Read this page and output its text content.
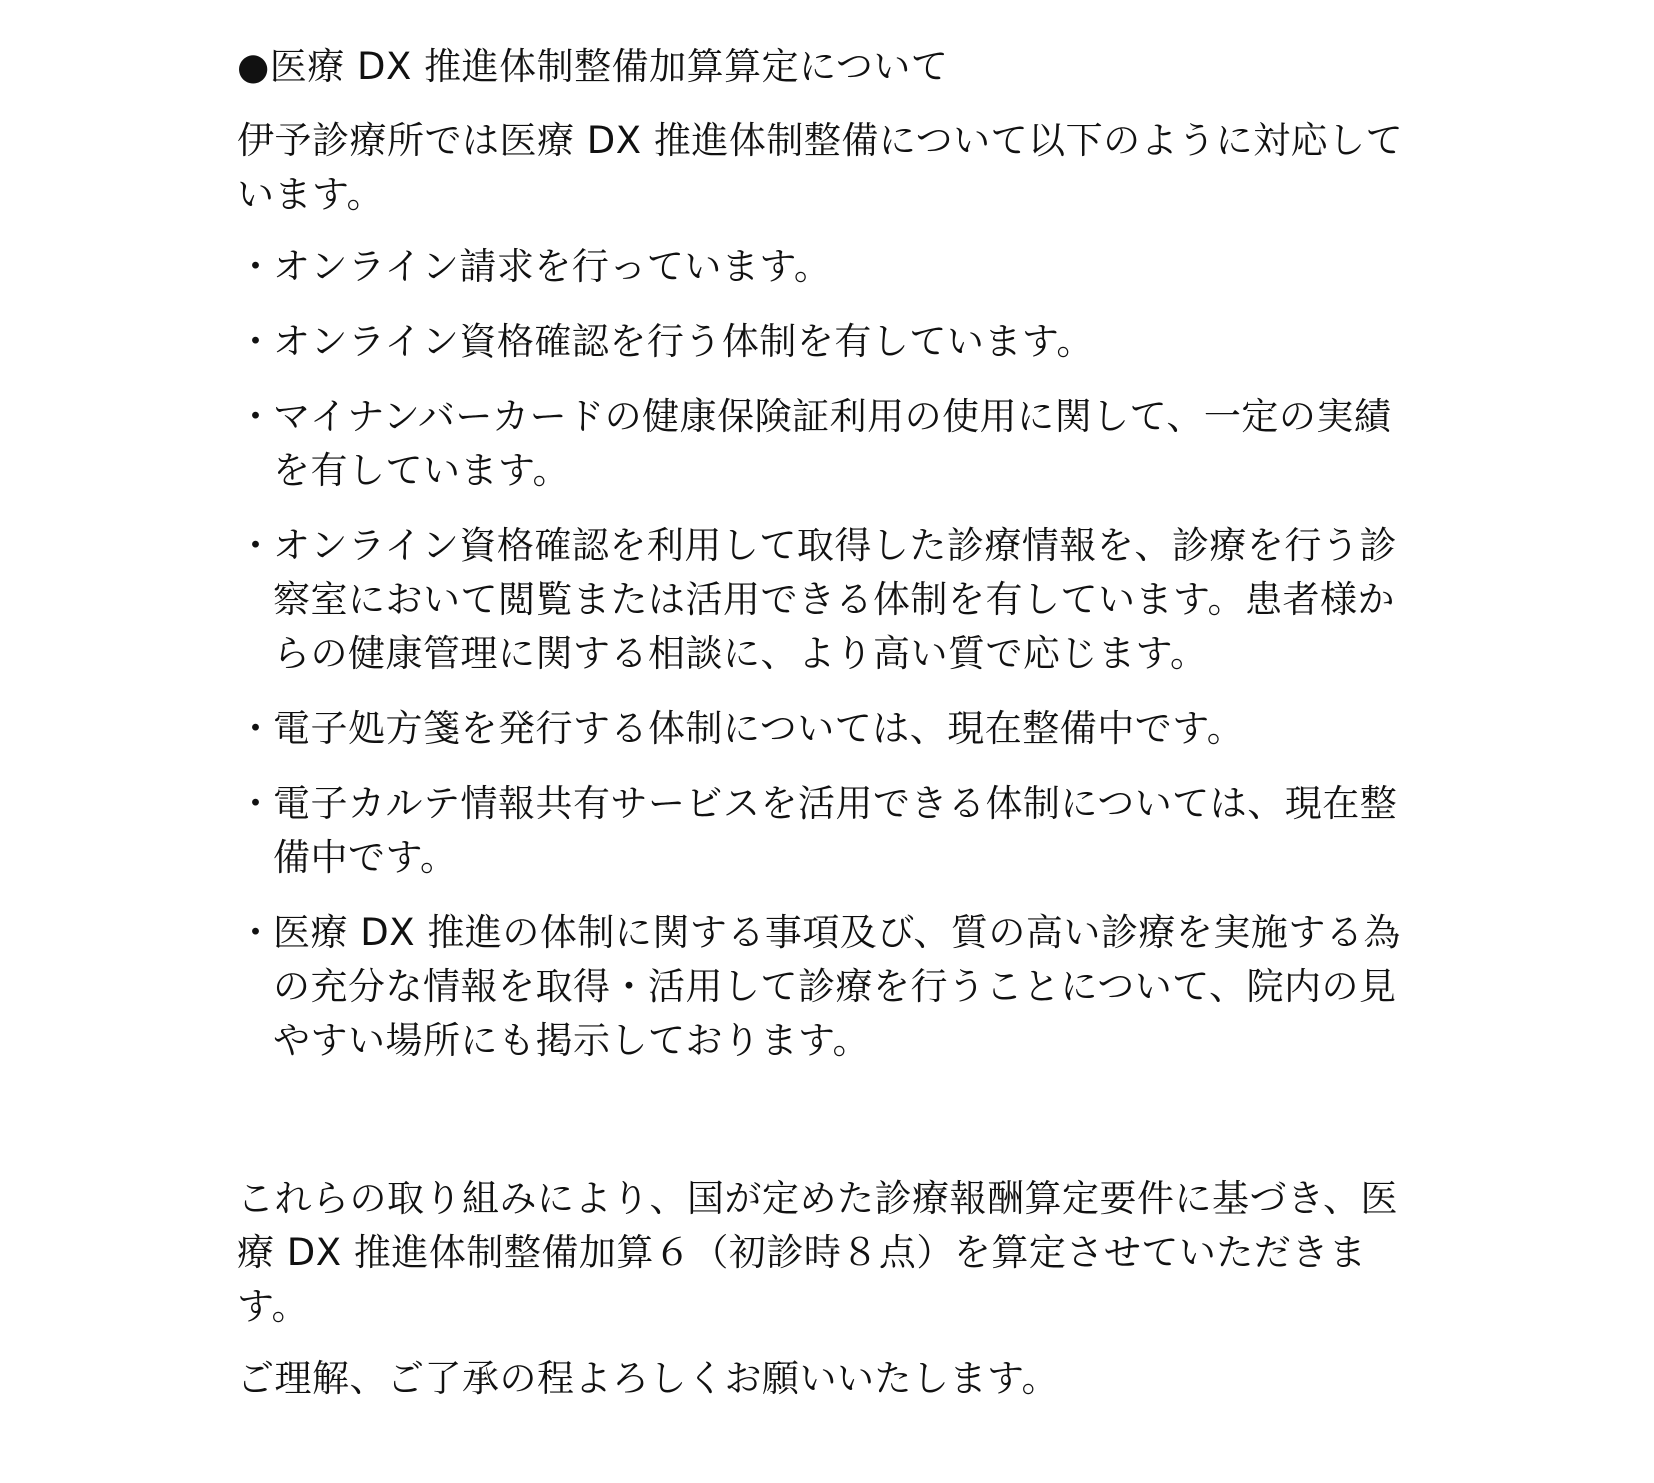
●医療 DX 推進体制整備加算算定について

伊予診療所では医療 DX 推進体制整備について以下のように対応しています。

・
オンライン請求を行っています。
・
オンライン資格確認を行う体制を有しています。
・
マイナンバーカードの健康保険証利用の使用に関して、一定の実績を有しています。
・
オンライン資格確認を利用して取得した診療情報を、診療を行う診察室において閲覧または活用できる体制を有しています。患者様からの健康管理に関する相談に、より高い質で応じます。
・
電子処方箋を発行する体制については、現在整備中です。
・
電子カルテ情報共有サービスを活用できる体制については、現在整備中です。
・
医療 DX 推進の体制に関する事項及び、質の高い診療を実施する為の充分な情報を取得・活用して診療を行うことについて、院内の見やすい場所にも掲示しております。

これらの取り組みにより、国が定めた診療報酬算定要件に基づき、医療 DX 推進体制整備加算６（初診時８点）を算定させていただきます。

ご理解、ご了承の程よろしくお願いいたします。
